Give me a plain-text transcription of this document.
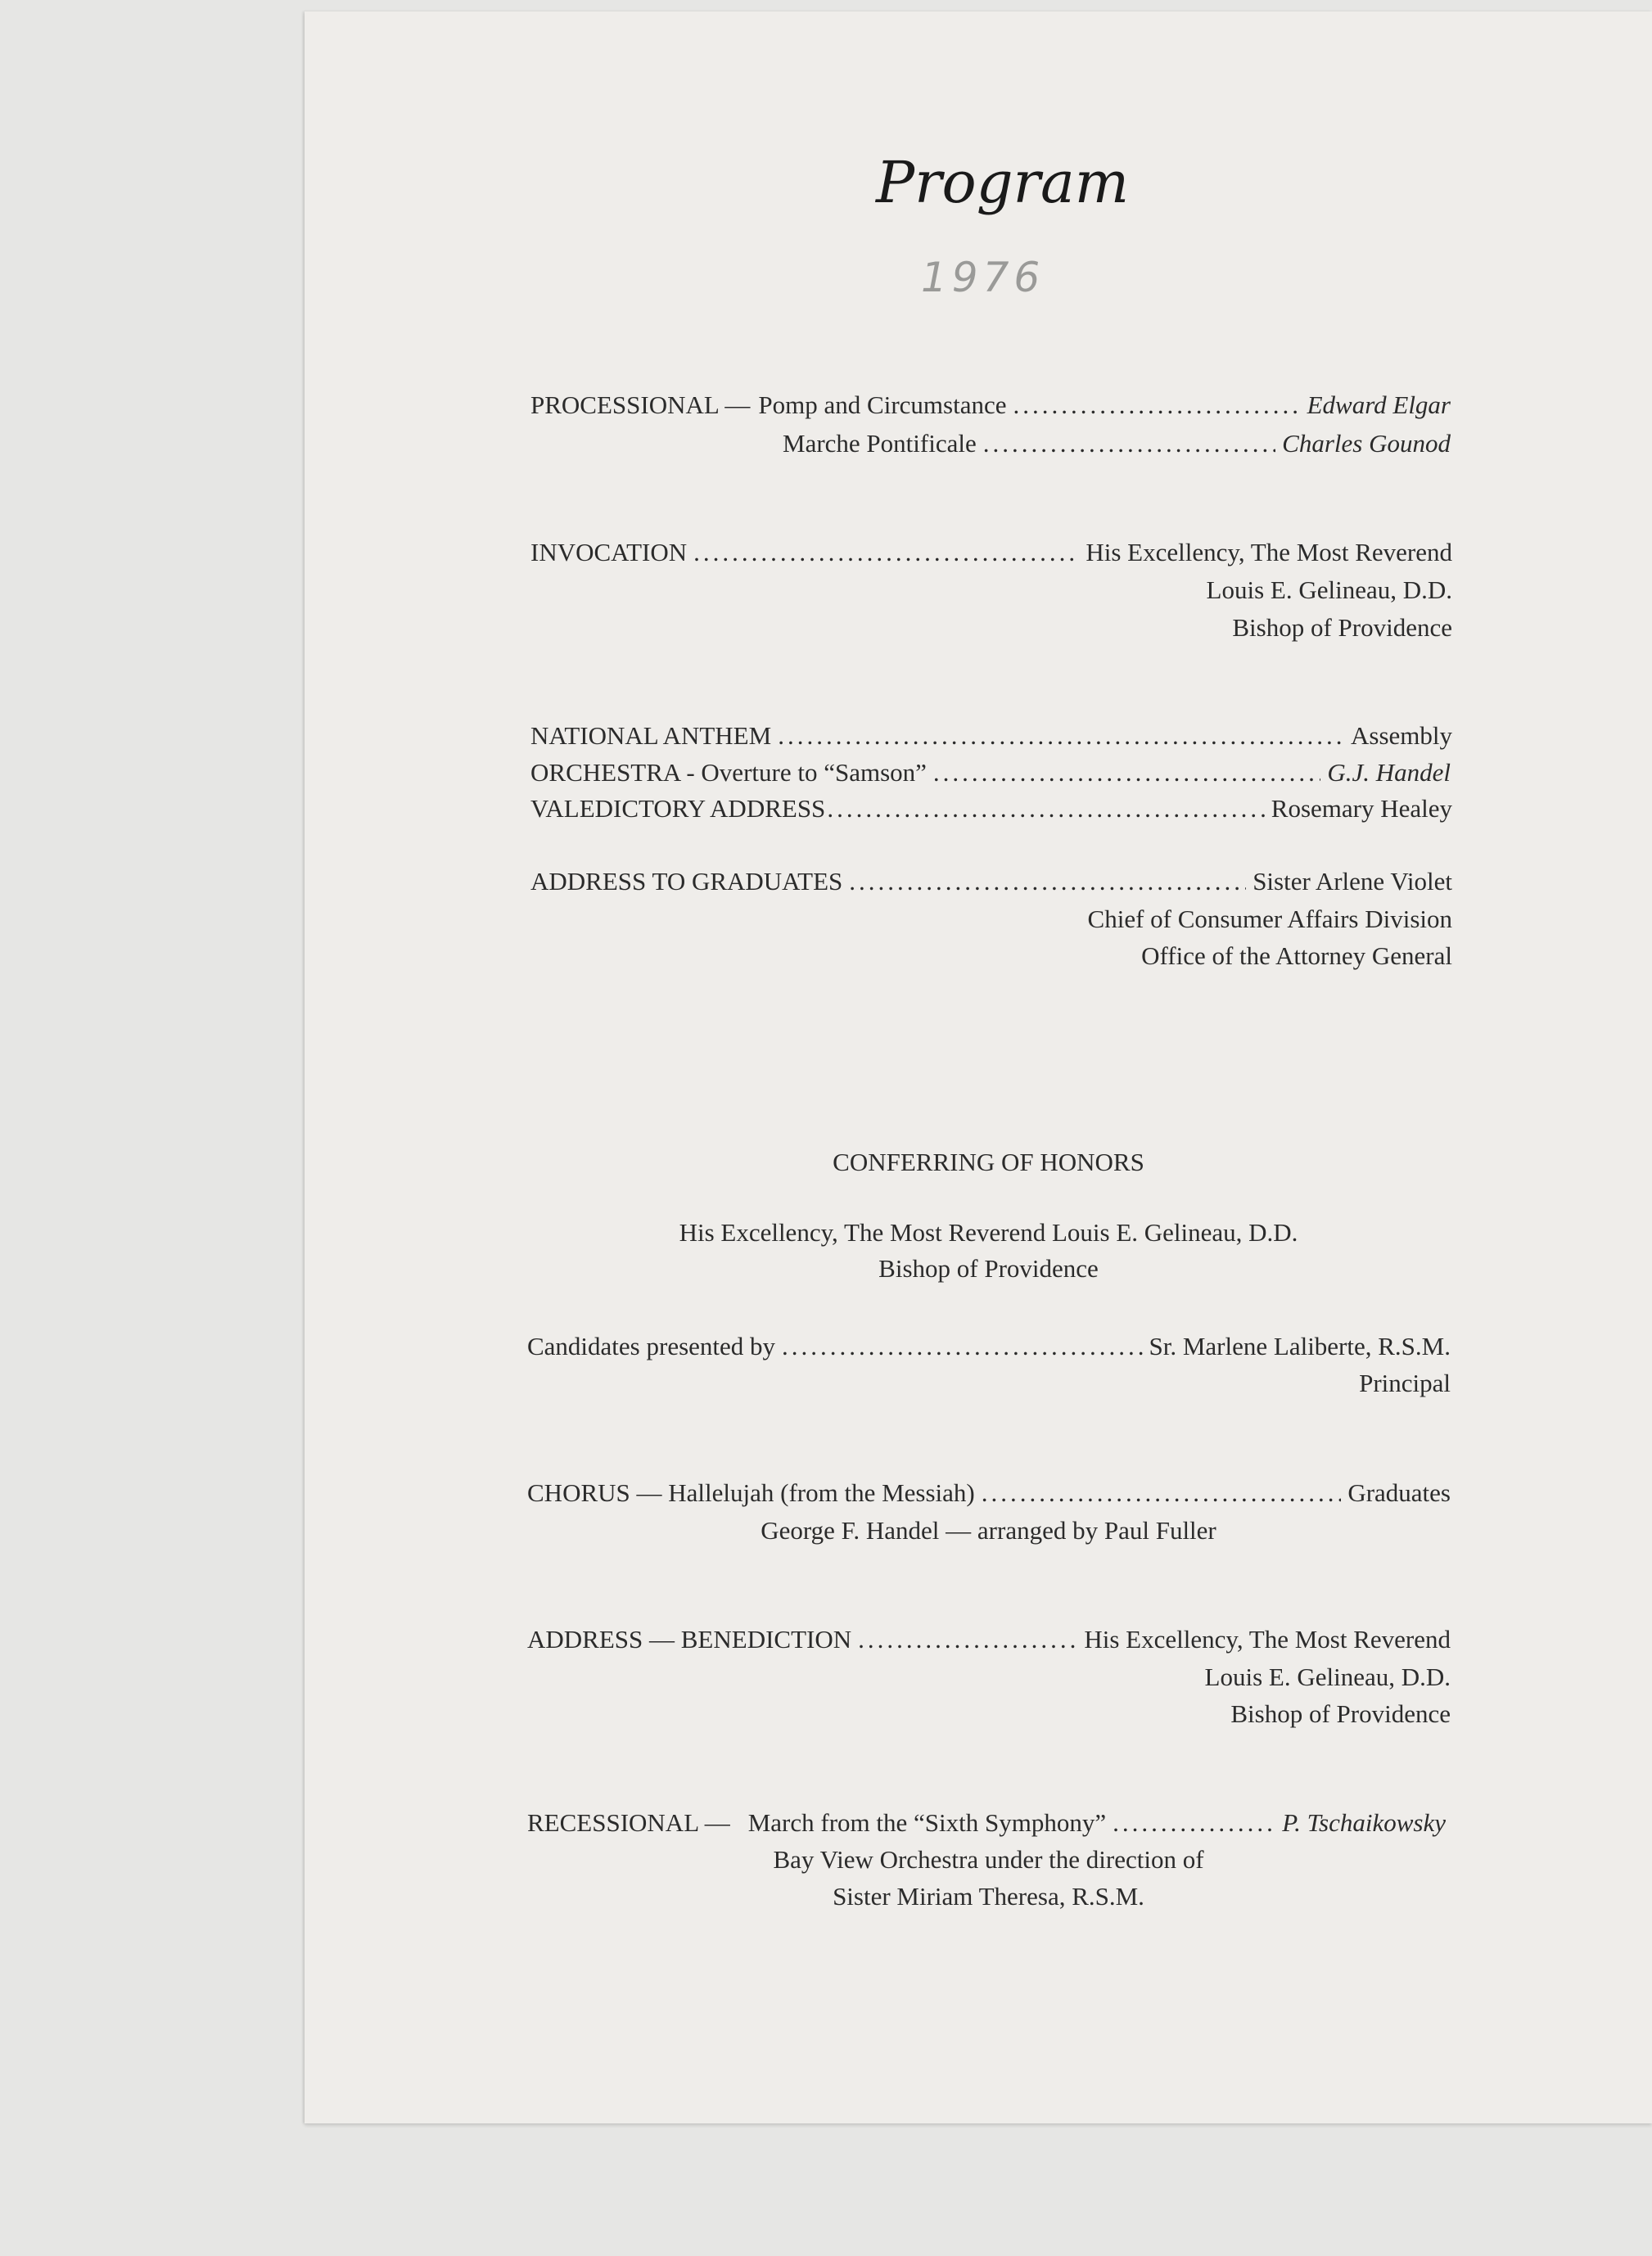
Program
1976
PROCESSIONAL — Pomp and Circumstance .....	Edward Elgar
Marche Pontificale .....	Charles Gounod
INVOCATION .....	His Excellency, The Most Reverend
Louis E. Gelineau, D.D.
Bishop of Providence
NATIONAL ANTHEM .....	Assembly
ORCHESTRA - Overture to “Samson” .....	G.J. Handel
VALEDICTORY ADDRESS .....	Rosemary Healey
ADDRESS TO GRADUATES .....	Sister Arlene Violet
Chief of Consumer Affairs Division
Office of the Attorney General
CONFERRING OF HONORS
His Excellency, The Most Reverend Louis E. Gelineau, D.D.
Bishop of Providence
Candidates presented by .....	Sr. Marlene Laliberte, R.S.M.
Principal
CHORUS — Hallelujah (from the Messiah) .....	Graduates
George F. Handel — arranged by Paul Fuller
ADDRESS — BENEDICTION .....	His Excellency, The Most Reverend
Louis E. Gelineau, D.D.
Bishop of Providence
RECESSIONAL — March from the “Sixth Symphony” .....	P. Tschaikowsky
Bay View Orchestra under the direction of
Sister Miriam Theresa, R.S.M.
